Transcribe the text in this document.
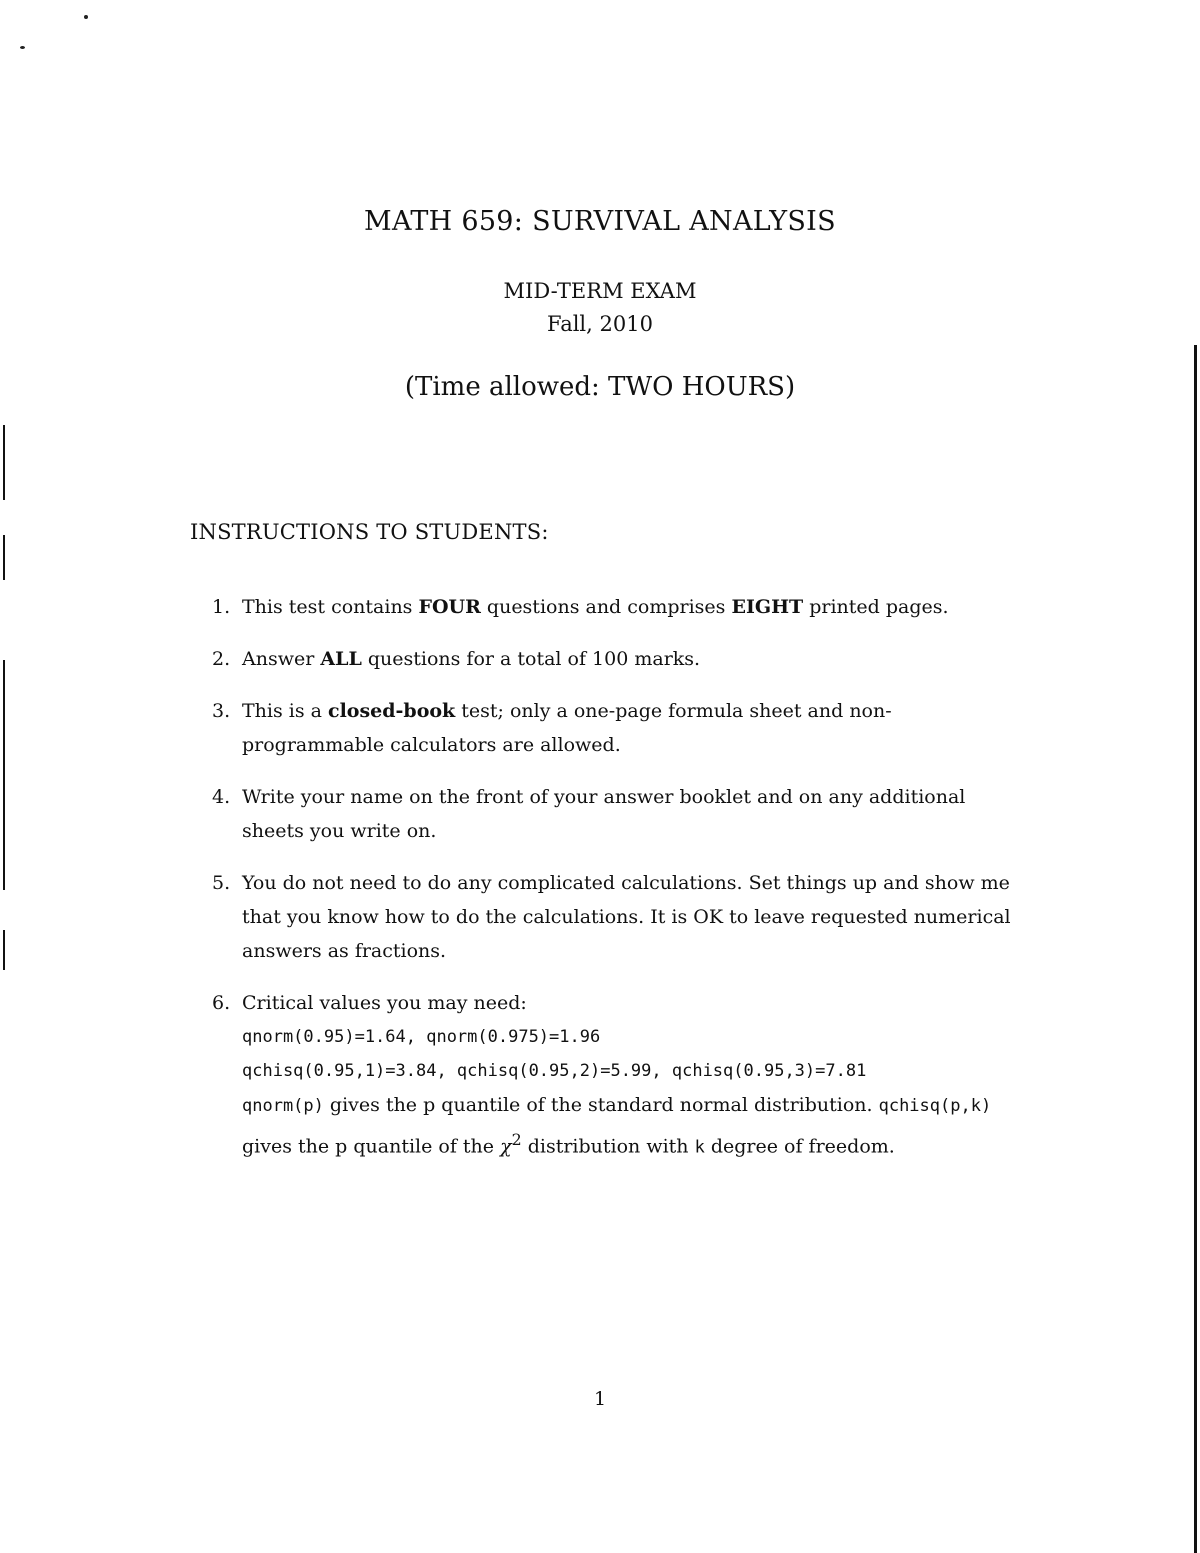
MATH 659: SURVIVAL ANALYSIS
MID-TERM EXAM
Fall, 2010
(Time allowed: TWO HOURS)
INSTRUCTIONS TO STUDENTS:
1. This test contains FOUR questions and comprises EIGHT printed pages.
2. Answer ALL questions for a total of 100 marks.
3. This is a closed-book test; only a one-page formula sheet and non-programmable calculators are allowed.
4. Write your name on the front of your answer booklet and on any additional sheets you write on.
5. You do not need to do any complicated calculations. Set things up and show me that you know how to do the calculations. It is OK to leave requested numerical answers as fractions.
6. Critical values you may need:
qnorm(0.95)=1.64, qnorm(0.975)=1.96
qchisq(0.95,1)=3.84, qchisq(0.95,2)=5.99, qchisq(0.95,3)=7.81
qnorm(p) gives the p quantile of the standard normal distribution. qchisq(p,k)
gives the p quantile of the $\chi^2$ distribution with k degree of freedom.
1
